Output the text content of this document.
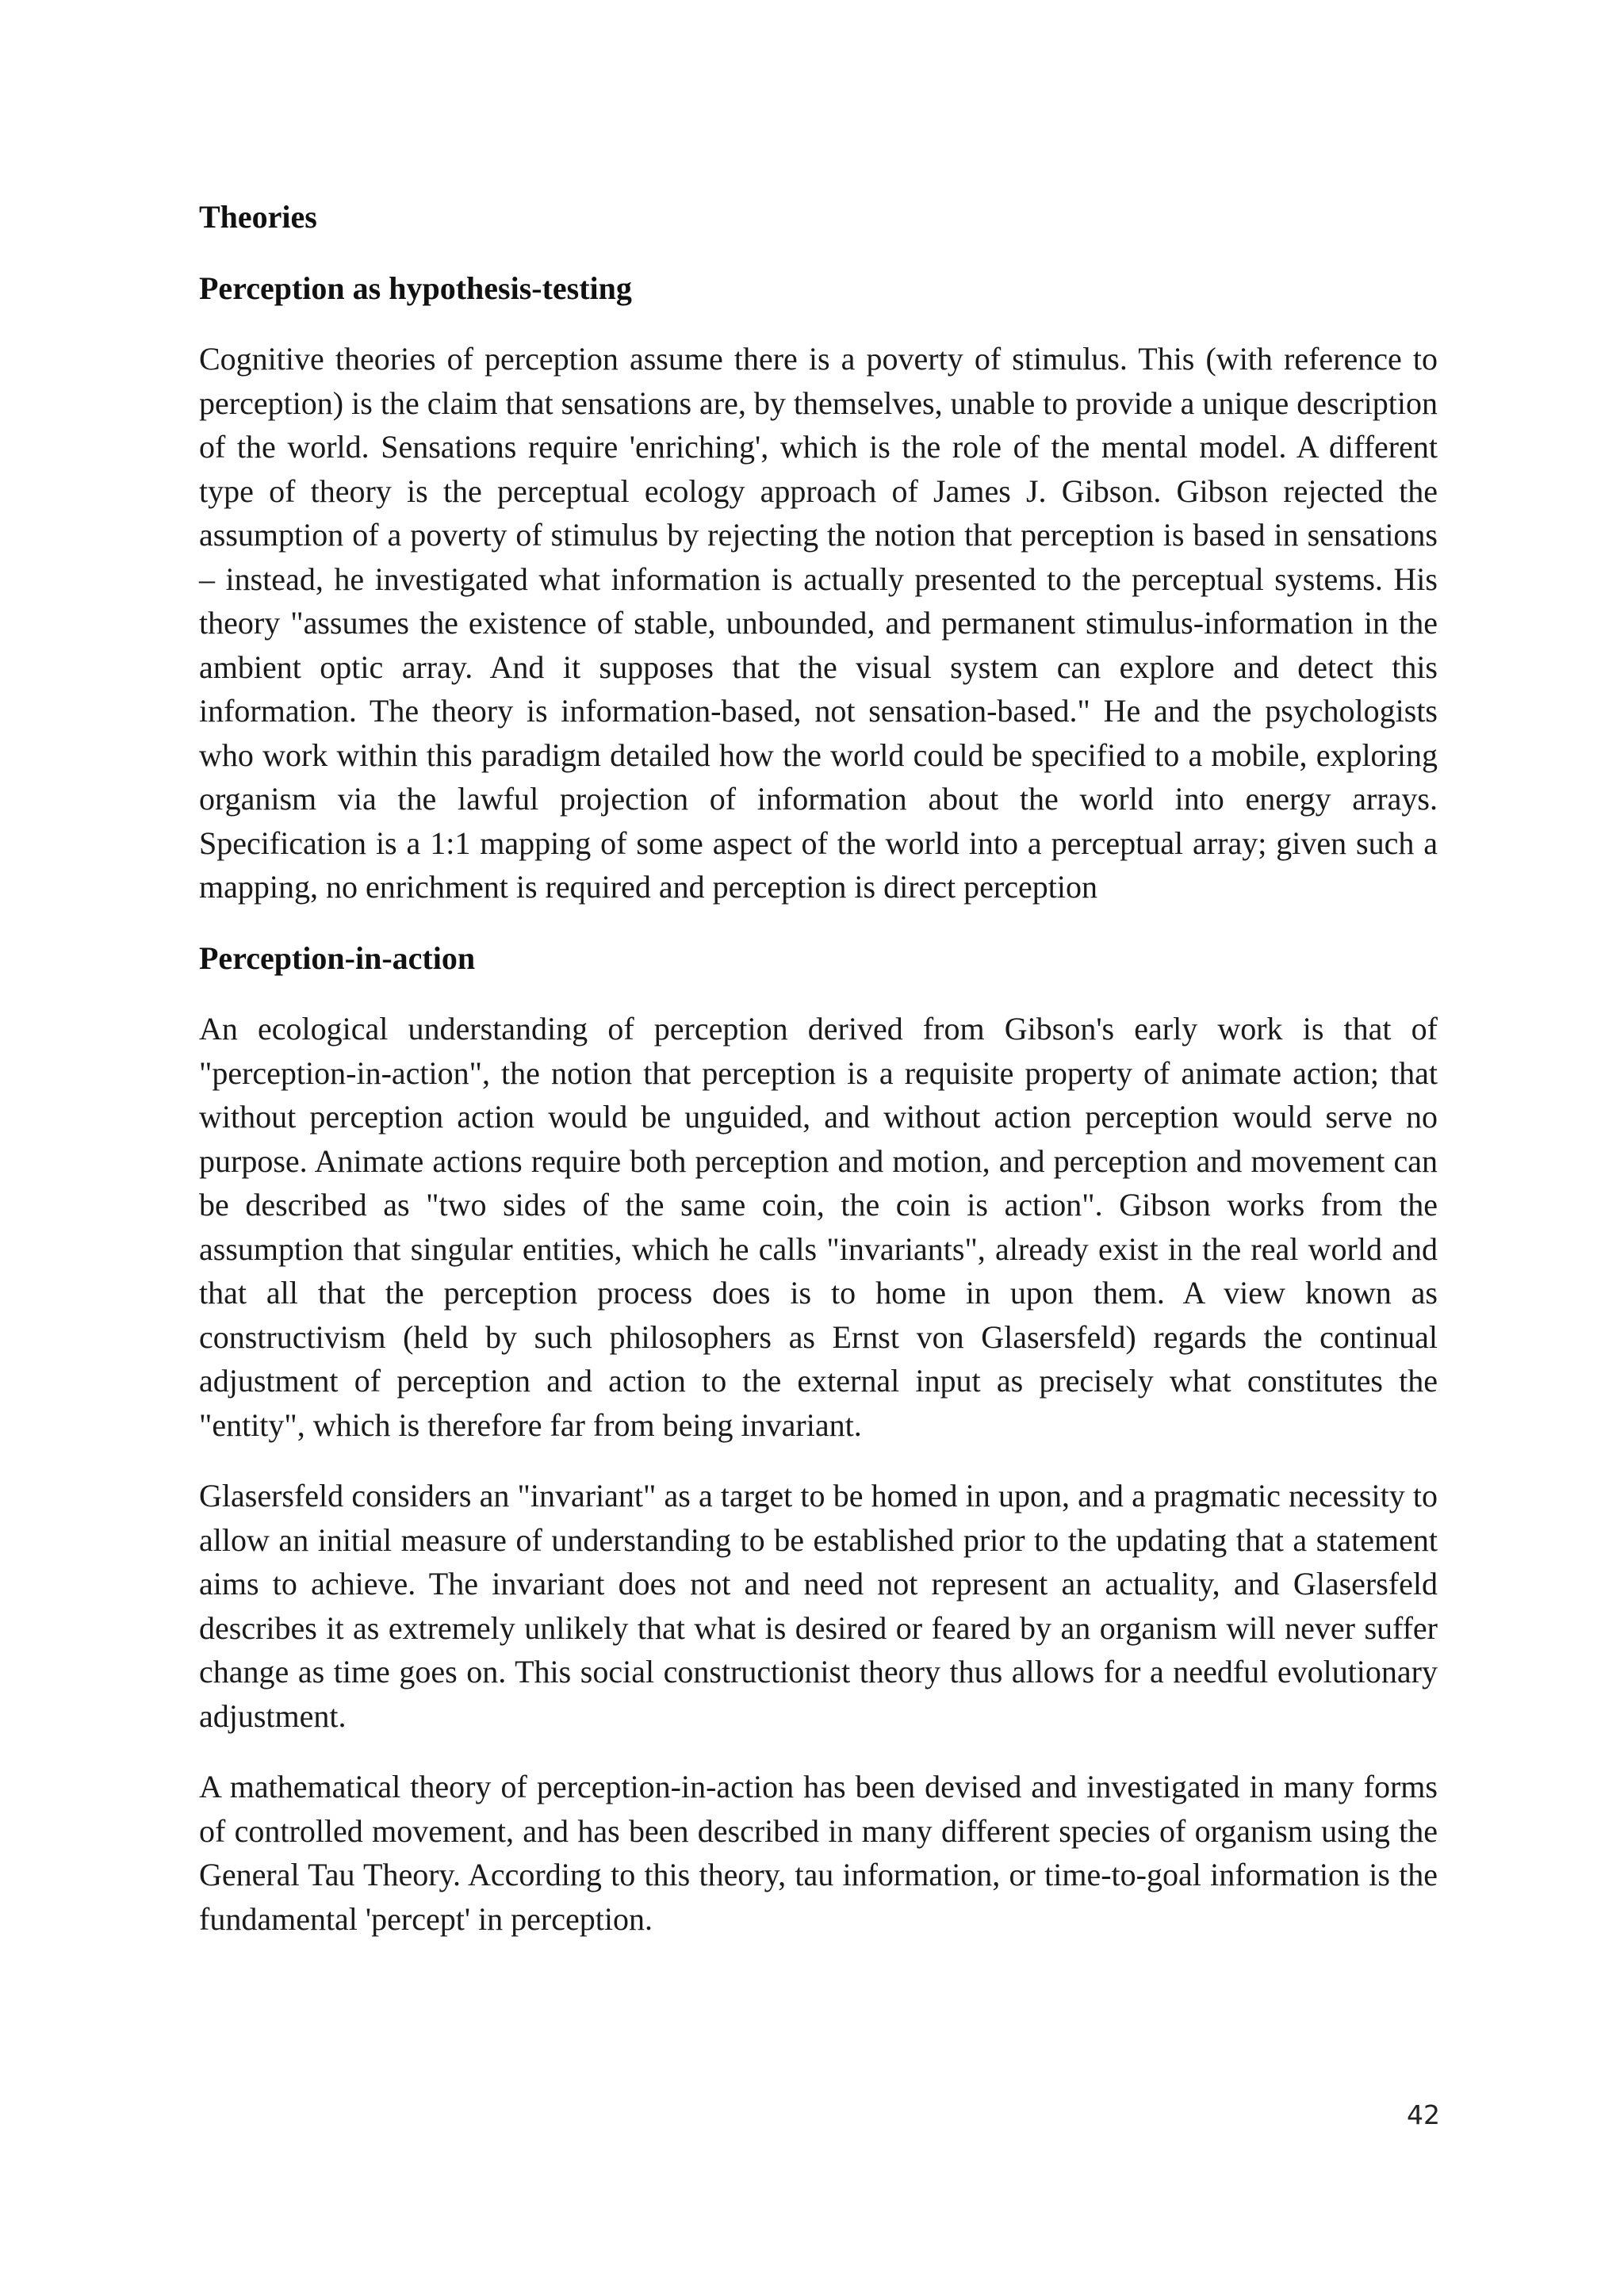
Theories
Perception as hypothesis-testing

Cognitive theories of perception assume there is a poverty of stimulus. This (with reference to perception) is the claim that sensations are, by themselves, unable to provide a unique description of the world. Sensations require 'enriching', which is the role of the mental model. A different type of theory is the perceptual ecology approach of James J. Gibson. Gibson rejected the assumption of a poverty of stimulus by rejecting the notion that perception is based in sensations – instead, he investigated what information is actually presented to the perceptual systems. His theory "assumes the existence of stable, unbounded, and permanent stimulus-information in the ambient optic array. And it supposes that the visual system can explore and detect this information. The theory is information-based, not sensation-based." He and the psychologists who work within this paradigm detailed how the world could be specified to a mobile, exploring organism via the lawful projection of information about the world into energy arrays. Specification is a 1:1 mapping of some aspect of the world into a perceptual array; given such a mapping, no enrichment is required and perception is direct perception

Perception-in-action

An ecological understanding of perception derived from Gibson's early work is that of "perception-in-action", the notion that perception is a requisite property of animate action; that without perception action would be unguided, and without action perception would serve no purpose. Animate actions require both perception and motion, and perception and movement can be described as "two sides of the same coin, the coin is action". Gibson works from the assumption that singular entities, which he calls "invariants", already exist in the real world and that all that the perception process does is to home in upon them. A view known as constructivism (held by such philosophers as Ernst von Glasersfeld) regards the continual adjustment of perception and action to the external input as precisely what constitutes the "entity", which is therefore far from being invariant.

Glasersfeld considers an "invariant" as a target to be homed in upon, and a pragmatic necessity to allow an initial measure of understanding to be established prior to the updating that a statement aims to achieve. The invariant does not and need not represent an actuality, and Glasersfeld describes it as extremely unlikely that what is desired or feared by an organism will never suffer change as time goes on. This social constructionist theory thus allows for a needful evolutionary adjustment.

A mathematical theory of perception-in-action has been devised and investigated in many forms of controlled movement, and has been described in many different species of organism using the General Tau Theory. According to this theory, tau information, or time-to-goal information is the fundamental 'percept' in perception.

42
